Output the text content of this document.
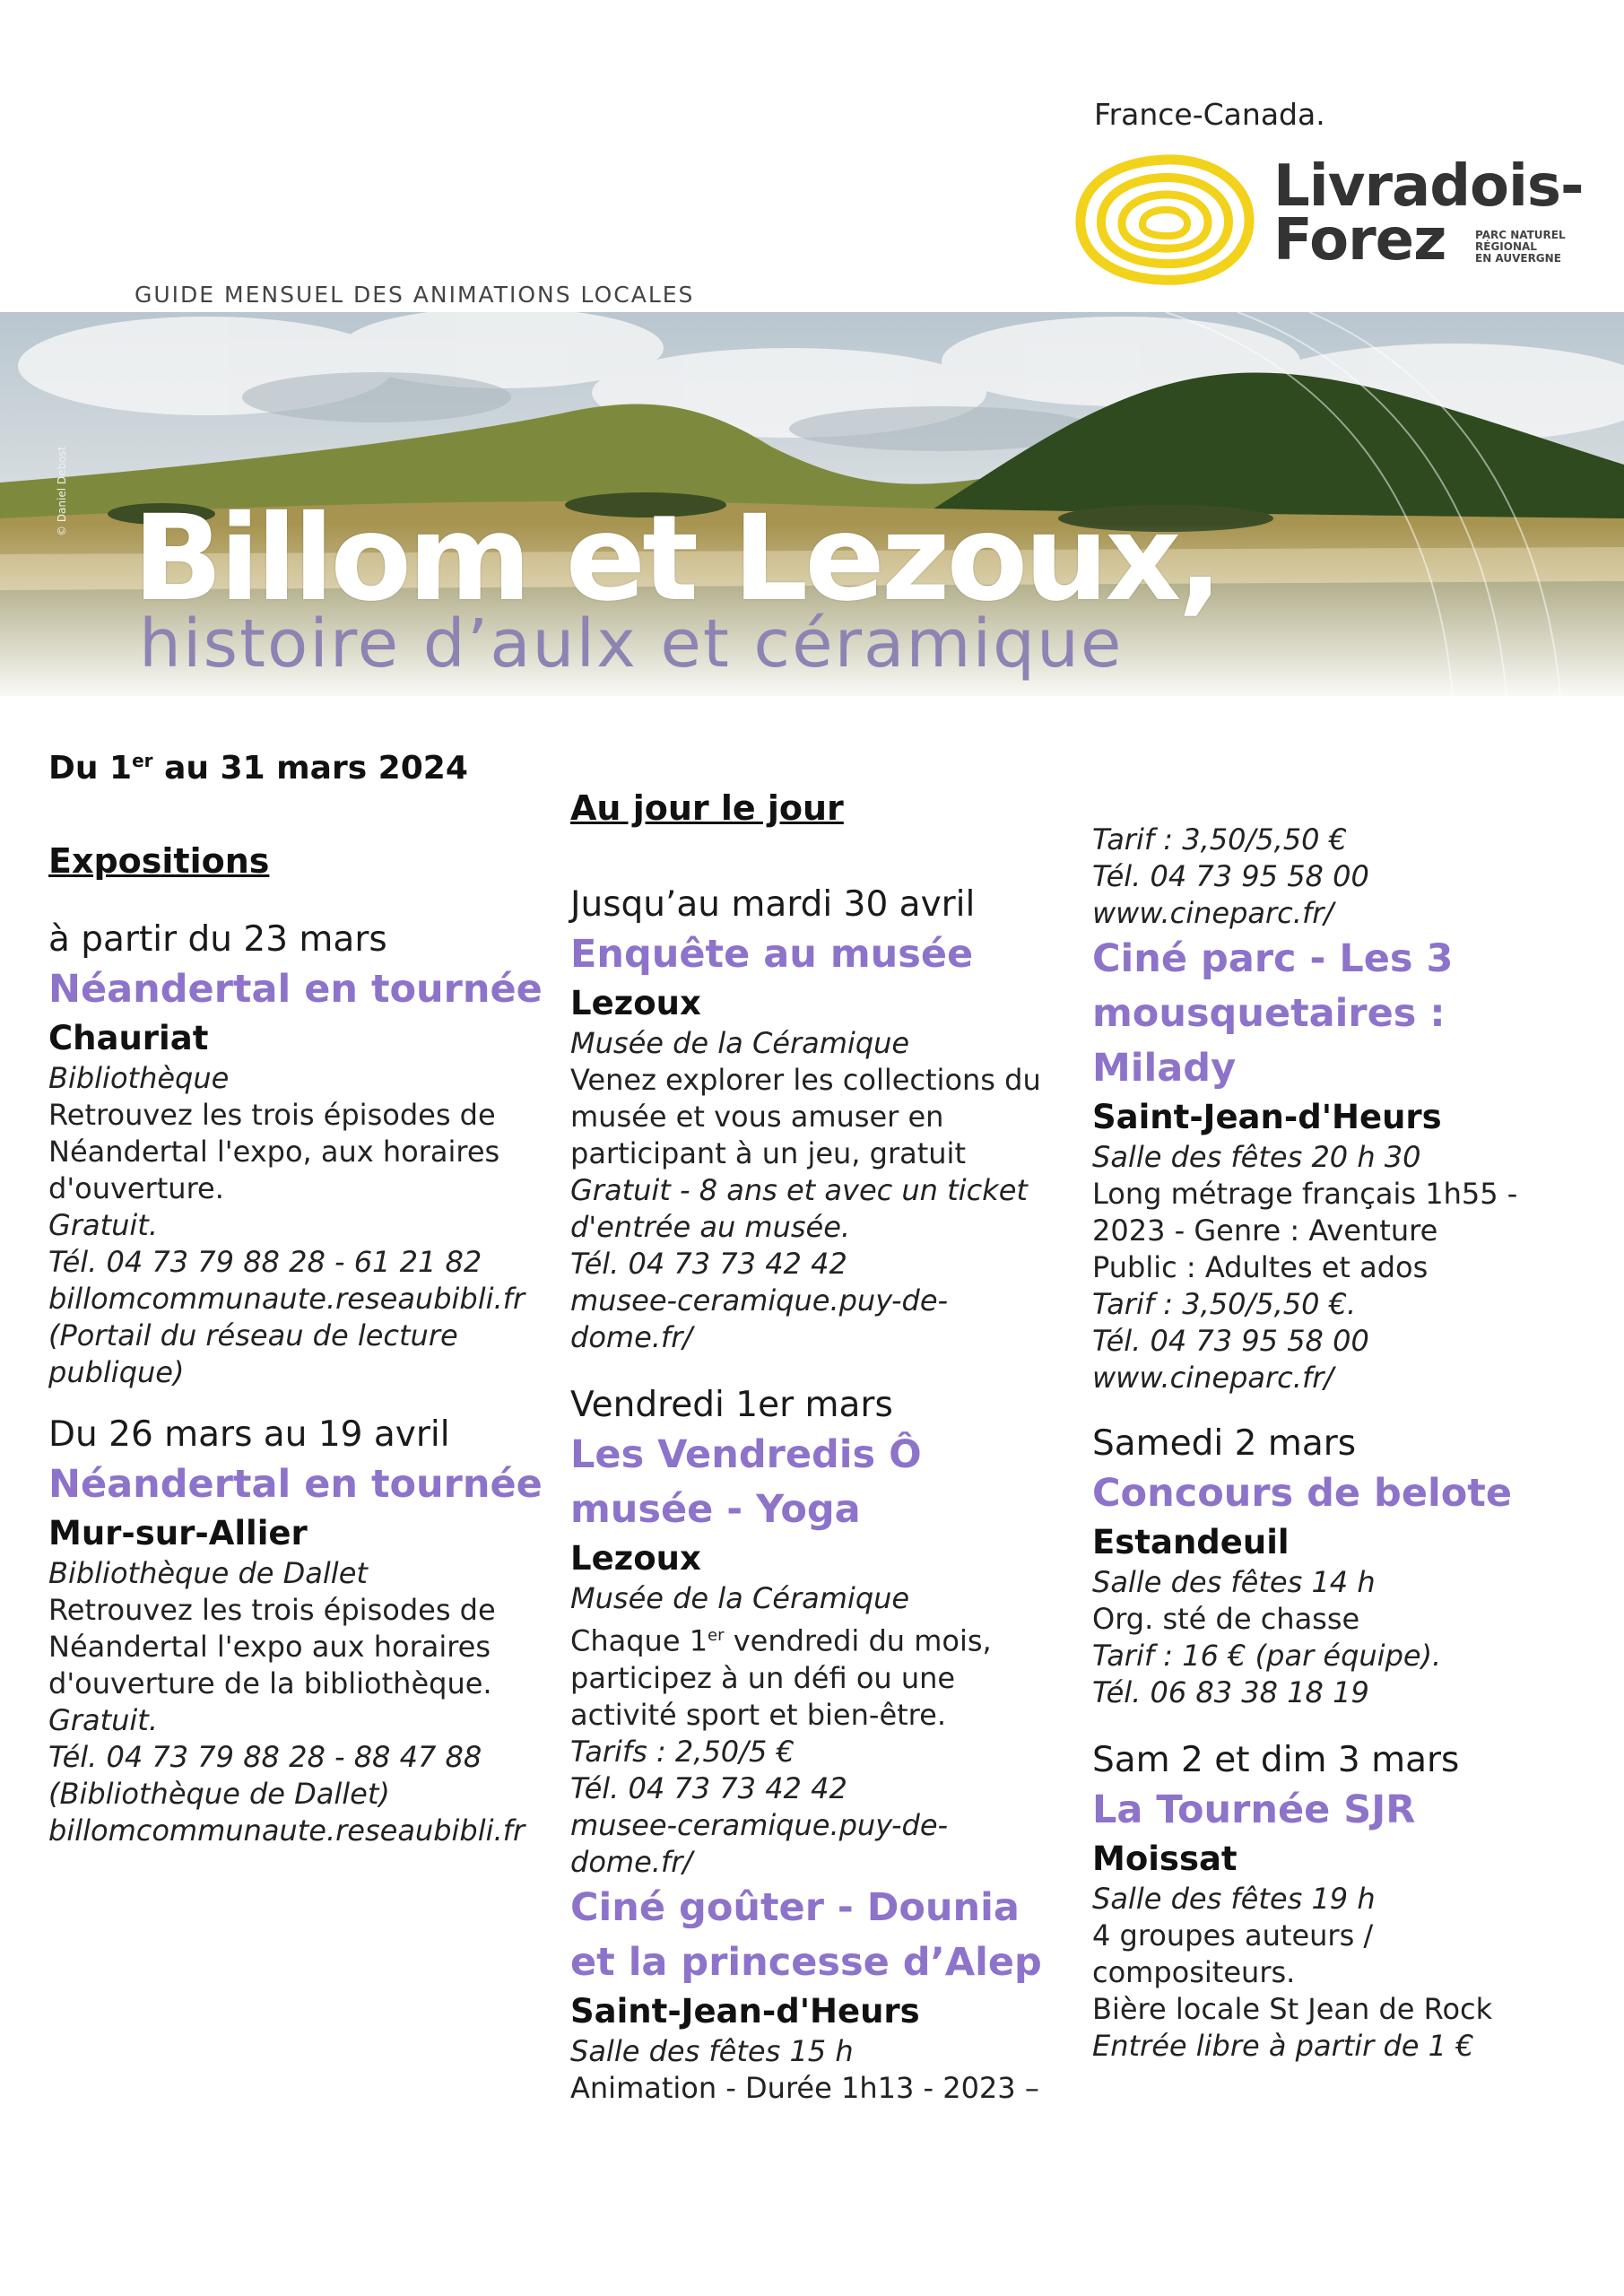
France-Canada.
Livradois-
Forez	PARC NATUREL
RÉGIONAL
EN AUVERGNE
GUIDE MENSUEL DES ANIMATIONS LOCALES
© Daniel Debost Billom et Lezoux,
histoire d’aulx et céramique
Du 1er au 31 mars 2024
Expositions
à partir du 23 mars
Néandertal en tournée
Chauriat
Bibliothèque
Retrouvez les trois épisodes de
Néandertal l'expo, aux horaires
d'ouverture.
Gratuit.
Tél. 04 73 79 88 28 - 61 21 82
billomcommunaute.reseaubibli.fr
(Portail du réseau de lecture
publique)
Du 26 mars au 19 avril
Néandertal en tournée
Mur-sur-Allier
Bibliothèque de Dallet
Retrouvez les trois épisodes de
Néandertal l'expo aux horaires
d'ouverture de la bibliothèque.
Gratuit.
Tél. 04 73 79 88 28 - 88 47 88
(Bibliothèque de Dallet)
billomcommunaute.reseaubibli.fr
Au jour le jour
Jusqu’au mardi 30 avril
Enquête au musée
Lezoux
Musée de la Céramique
Venez explorer les collections du
musée et vous amuser en
participant à un jeu, gratuit
Gratuit - 8 ans et avec un ticket
d'entrée au musée.
Tél. 04 73 73 42 42
musee-ceramique.puy-de-
dome.fr/
Vendredi 1er mars
Les Vendredis Ô musée - Yoga
Lezoux
Musée de la Céramique
Chaque 1er vendredi du mois,
participez à un défi ou une
activité sport et bien-être.
Tarifs : 2,50/5 €
Tél. 04 73 73 42 42
musee-ceramique.puy-de-
dome.fr/
Ciné goûter - Dounia et la princesse d’Alep
Saint-Jean-d'Heurs
Salle des fêtes 15 h
Animation - Durée 1h13 - 2023 –
Tarif : 3,50/5,50 €
Tél. 04 73 95 58 00
www.cineparc.fr/
Ciné parc - Les 3 mousquetaires : Milady
Saint-Jean-d'Heurs
Salle des fêtes 20 h 30
Long métrage français 1h55 -
2023 - Genre : Aventure
Public : Adultes et ados
Tarif : 3,50/5,50 €.
Tél. 04 73 95 58 00
www.cineparc.fr/
Samedi 2 mars
Concours de belote
Estandeuil
Salle des fêtes 14 h
Org. sté de chasse
Tarif : 16 € (par équipe).
Tél. 06 83 38 18 19
Sam 2 et dim 3 mars
La Tournée SJR
Moissat
Salle des fêtes 19 h
4 groupes auteurs /
compositeurs.
Bière locale St Jean de Rock
Entrée libre à partir de 1 €
